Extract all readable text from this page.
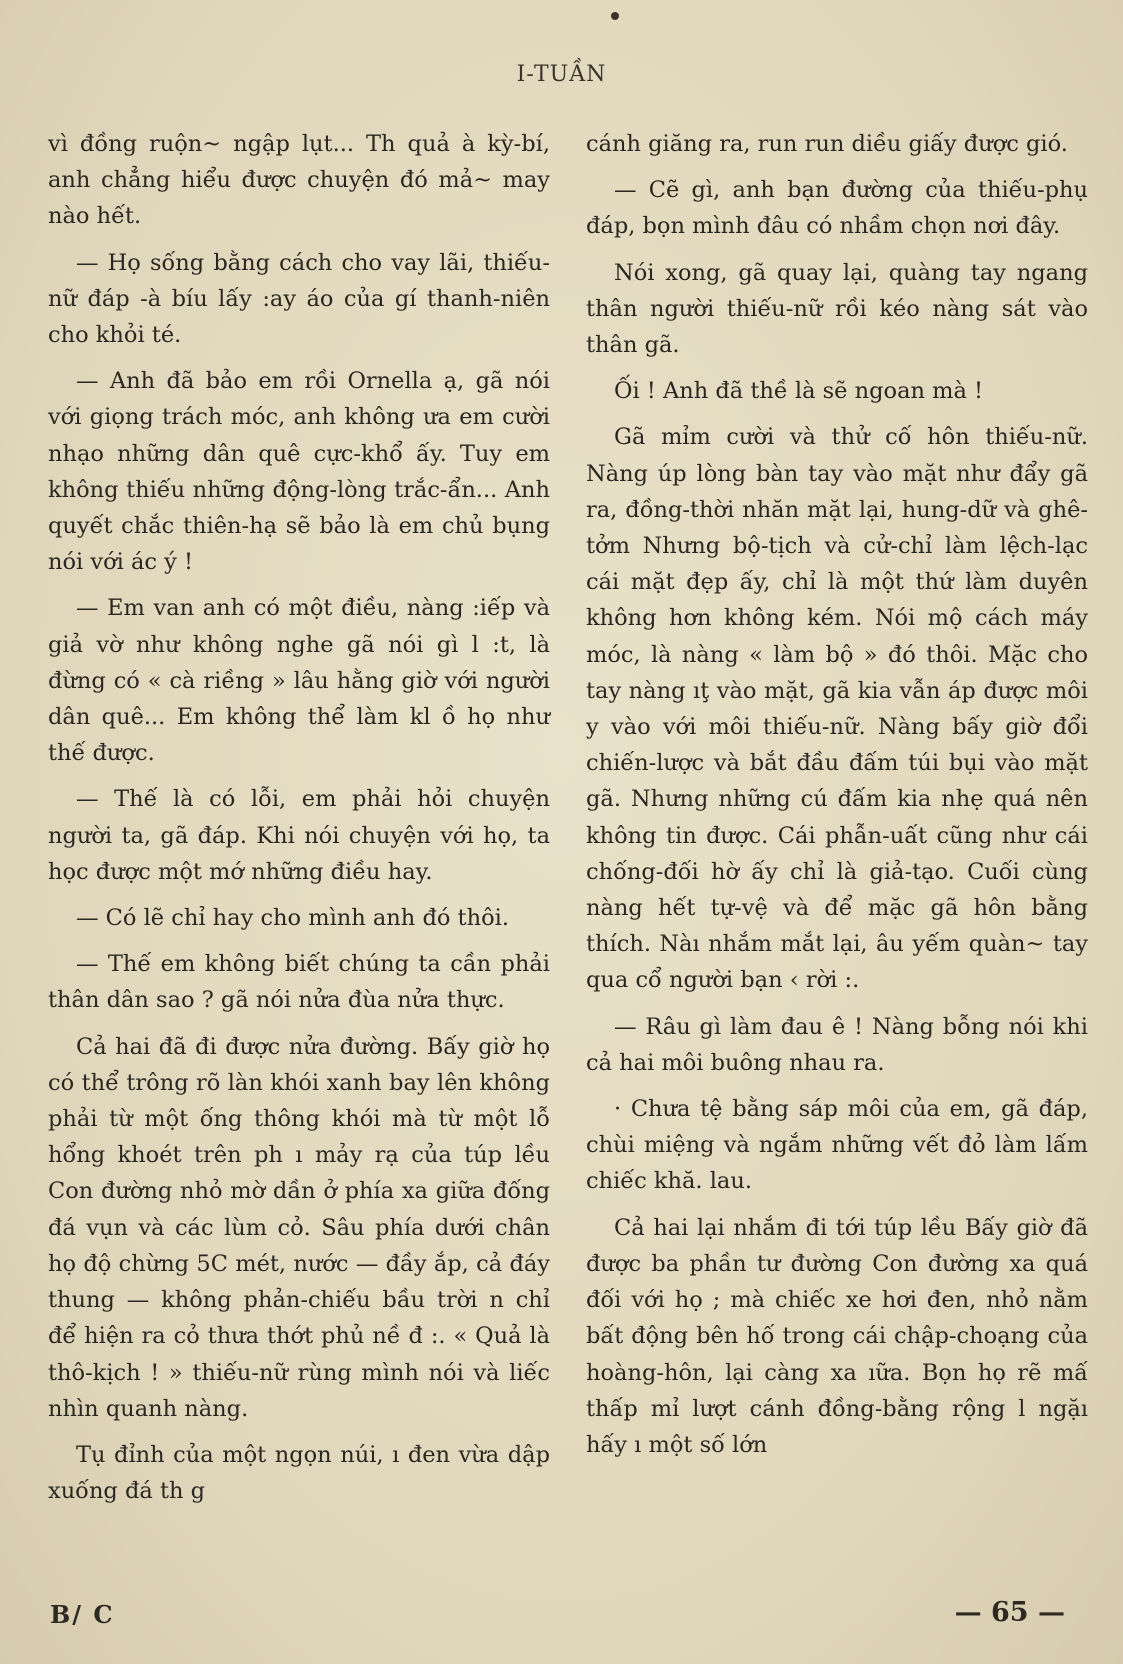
I-TUẦN

vì đồng ruộn~ ngập lụt... Th quả à kỳ-bí, anh chẳng hiểu được chuyện đó mả~ may nào hết.

— Họ sống bằng cách cho vay lãi, thiếu-nữ đáp -à bíu lấy :ay áo của gí thanh-niên cho khỏi té.

— Anh đã bảo em rồi Ornella ạ, gã nói với giọng trách móc, anh không ưa em cười nhạo những dân quê cực-khổ ấy. Tuy em không thiếu những động-lòng trắc-ẩn... Anh quyết chắc thiên-hạ sẽ bảo là em chủ bụng nói với ác ý !

— Em van anh có một điều, nàng :iếp và giả vờ như không nghe gã nói gì l :t, là đừng có « cà riềng » lâu hằng giờ với người dân quê... Em không thể làm kl ồ họ như thế được.

— Thế là có lỗi, em phải hỏi chuyện người ta, gã đáp. Khi nói chuyện với họ, ta học được một mớ những điều hay.

— Có lẽ chỉ hay cho mình anh đó thôi.

— Thế em không biết chúng ta cần phải thân dân sao ? gã nói nửa đùa nửa thực.

Cả hai đã đi được nửa đường. Bấy giờ họ có thể trông rõ làn khói xanh bay lên không phải từ một ống thông khói mà từ một lỗ hổng khoét trên ph ı mảy rạ của túp lều Con đường nhỏ mờ dần ở phía xa giữa đống đá vụn và các lùm cỏ. Sâu phía dưới chân họ độ chừng 5C mét, nước — đầy ắp, cả đáy thung — không phản-chiếu bầu trời n chỉ để hiện ra cỏ thưa thớt phủ nề đ :. « Quả là thô-kịch ! » thiếu-nữ rùng mình nói và liếc nhìn quanh nàng.

Tụ đỉnh của một ngọn núi, ı đen vừa dập xuống đá th g

cánh giăng ra, run run diều giấy được gió.

— Cẽ gì, anh bạn đường của thiếu-phụ đáp, bọn mình đâu có nhầm chọn nơi đây.

Nói xong, gã quay lại, quàng tay ngang thân người thiếu-nữ rồi kéo nàng sát vào thân gã.

Ối ! Anh đã thề là sẽ ngoan mà !

Gã mỉm cười và thử cố hôn thiếu-nữ. Nàng úp lòng bàn tay vào mặt như đẩy gã ra, đồng-thời nhăn mặt lại, hung-dữ và ghê-tởm Nhưng bộ-tịch và cử-chỉ làm lệch-lạc cái mặt đẹp ấy, chỉ là một thứ làm duyên không hơn không kém. Nói mộ cách máy móc, là nàng « làm bộ » đó thôi. Mặc cho tay nàng ıţ vào mặt, gã kia vẫn áp được môi y vào với môi thiếu-nữ. Nàng bấy giờ đổi chiến-lược và bắt đầu đấm túi bụi vào mặt gã. Nhưng những cú đấm kia nhẹ quá nên không tin được. Cái phẫn-uất cũng như cái chống-đối hờ ấy chỉ là giả-tạo. Cuối cùng nàng hết tự-vệ và để mặc gã hôn bằng thích. Nàı nhắm mắt lại, âu yếm quàn~ tay qua cổ người bạn ‹ rời :.

— Râu gì làm đau ê ! Nàng bỗng nói khi cả hai môi buông nhau ra.

· Chưa tệ bằng sáp môi của em, gã đáp, chùi miệng và ngắm những vết đỏ làm lấm chiếc khă. lau.

Cả hai lại nhắm đi tới túp lều Bấy giờ đã được ba phần tư đường Con đường xa quá đối với họ ; mà chiếc xe hơi đen, nhỏ nằm bất động bên hố trong cái chập-choạng của hoàng-hôn, lại càng xa ıữa. Bọn họ rẽ mấ thấp mỉ lượt cánh đồng-bằng rộng l ngặı hấy ı một số lớn

B/ C	— 65 —
